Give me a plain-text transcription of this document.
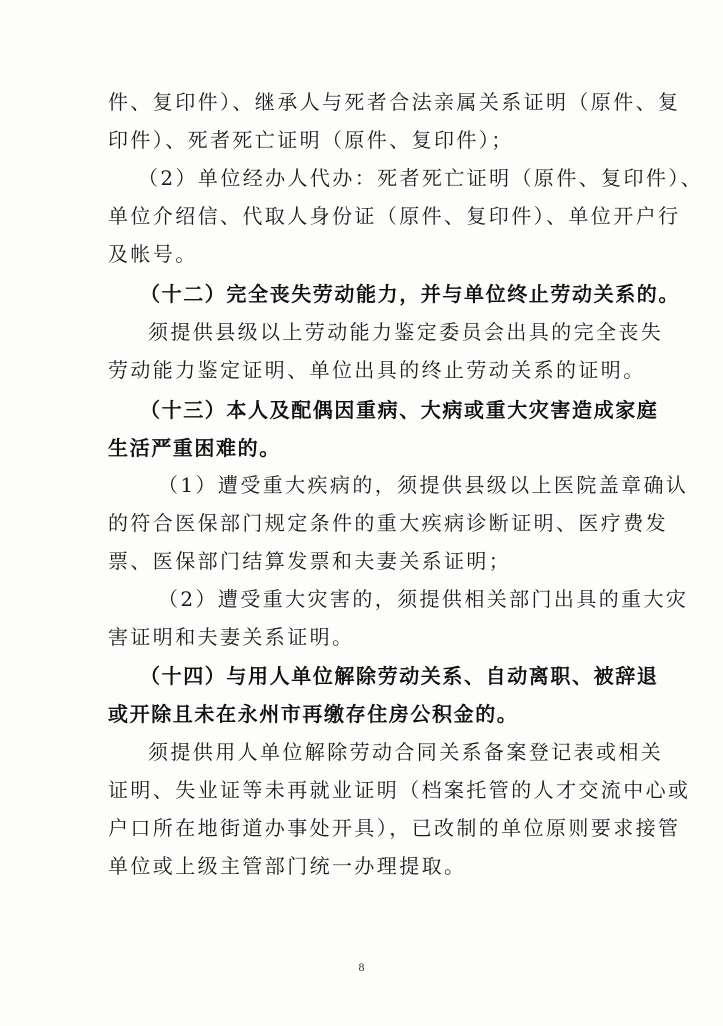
件、复印件）、继承人与死者合法亲属关系证明（原件、复
印件）、死者死亡证明（原件、复印件）；
（2）单位经办人代办：死者死亡证明（原件、复印件）、
单位介绍信、代取人身份证（原件、复印件）、单位开户行
及帐号。
（十二）完全丧失劳动能力，并与单位终止劳动关系的。
须提供县级以上劳动能力鉴定委员会出具的完全丧失
劳动能力鉴定证明、单位出具的终止劳动关系的证明。
（十三）本人及配偶因重病、大病或重大灾害造成家庭
生活严重困难的。
（1）遭受重大疾病的，须提供县级以上医院盖章确认
的符合医保部门规定条件的重大疾病诊断证明、医疗费发
票、医保部门结算发票和夫妻关系证明；
（2）遭受重大灾害的，须提供相关部门出具的重大灾
害证明和夫妻关系证明。
（十四）与用人单位解除劳动关系、自动离职、被辞退
或开除且未在永州市再缴存住房公积金的。
须提供用人单位解除劳动合同关系备案登记表或相关
证明、失业证等未再就业证明（档案托管的人才交流中心或
户口所在地街道办事处开具），已改制的单位原则要求接管
单位或上级主管部门统一办理提取。
8
